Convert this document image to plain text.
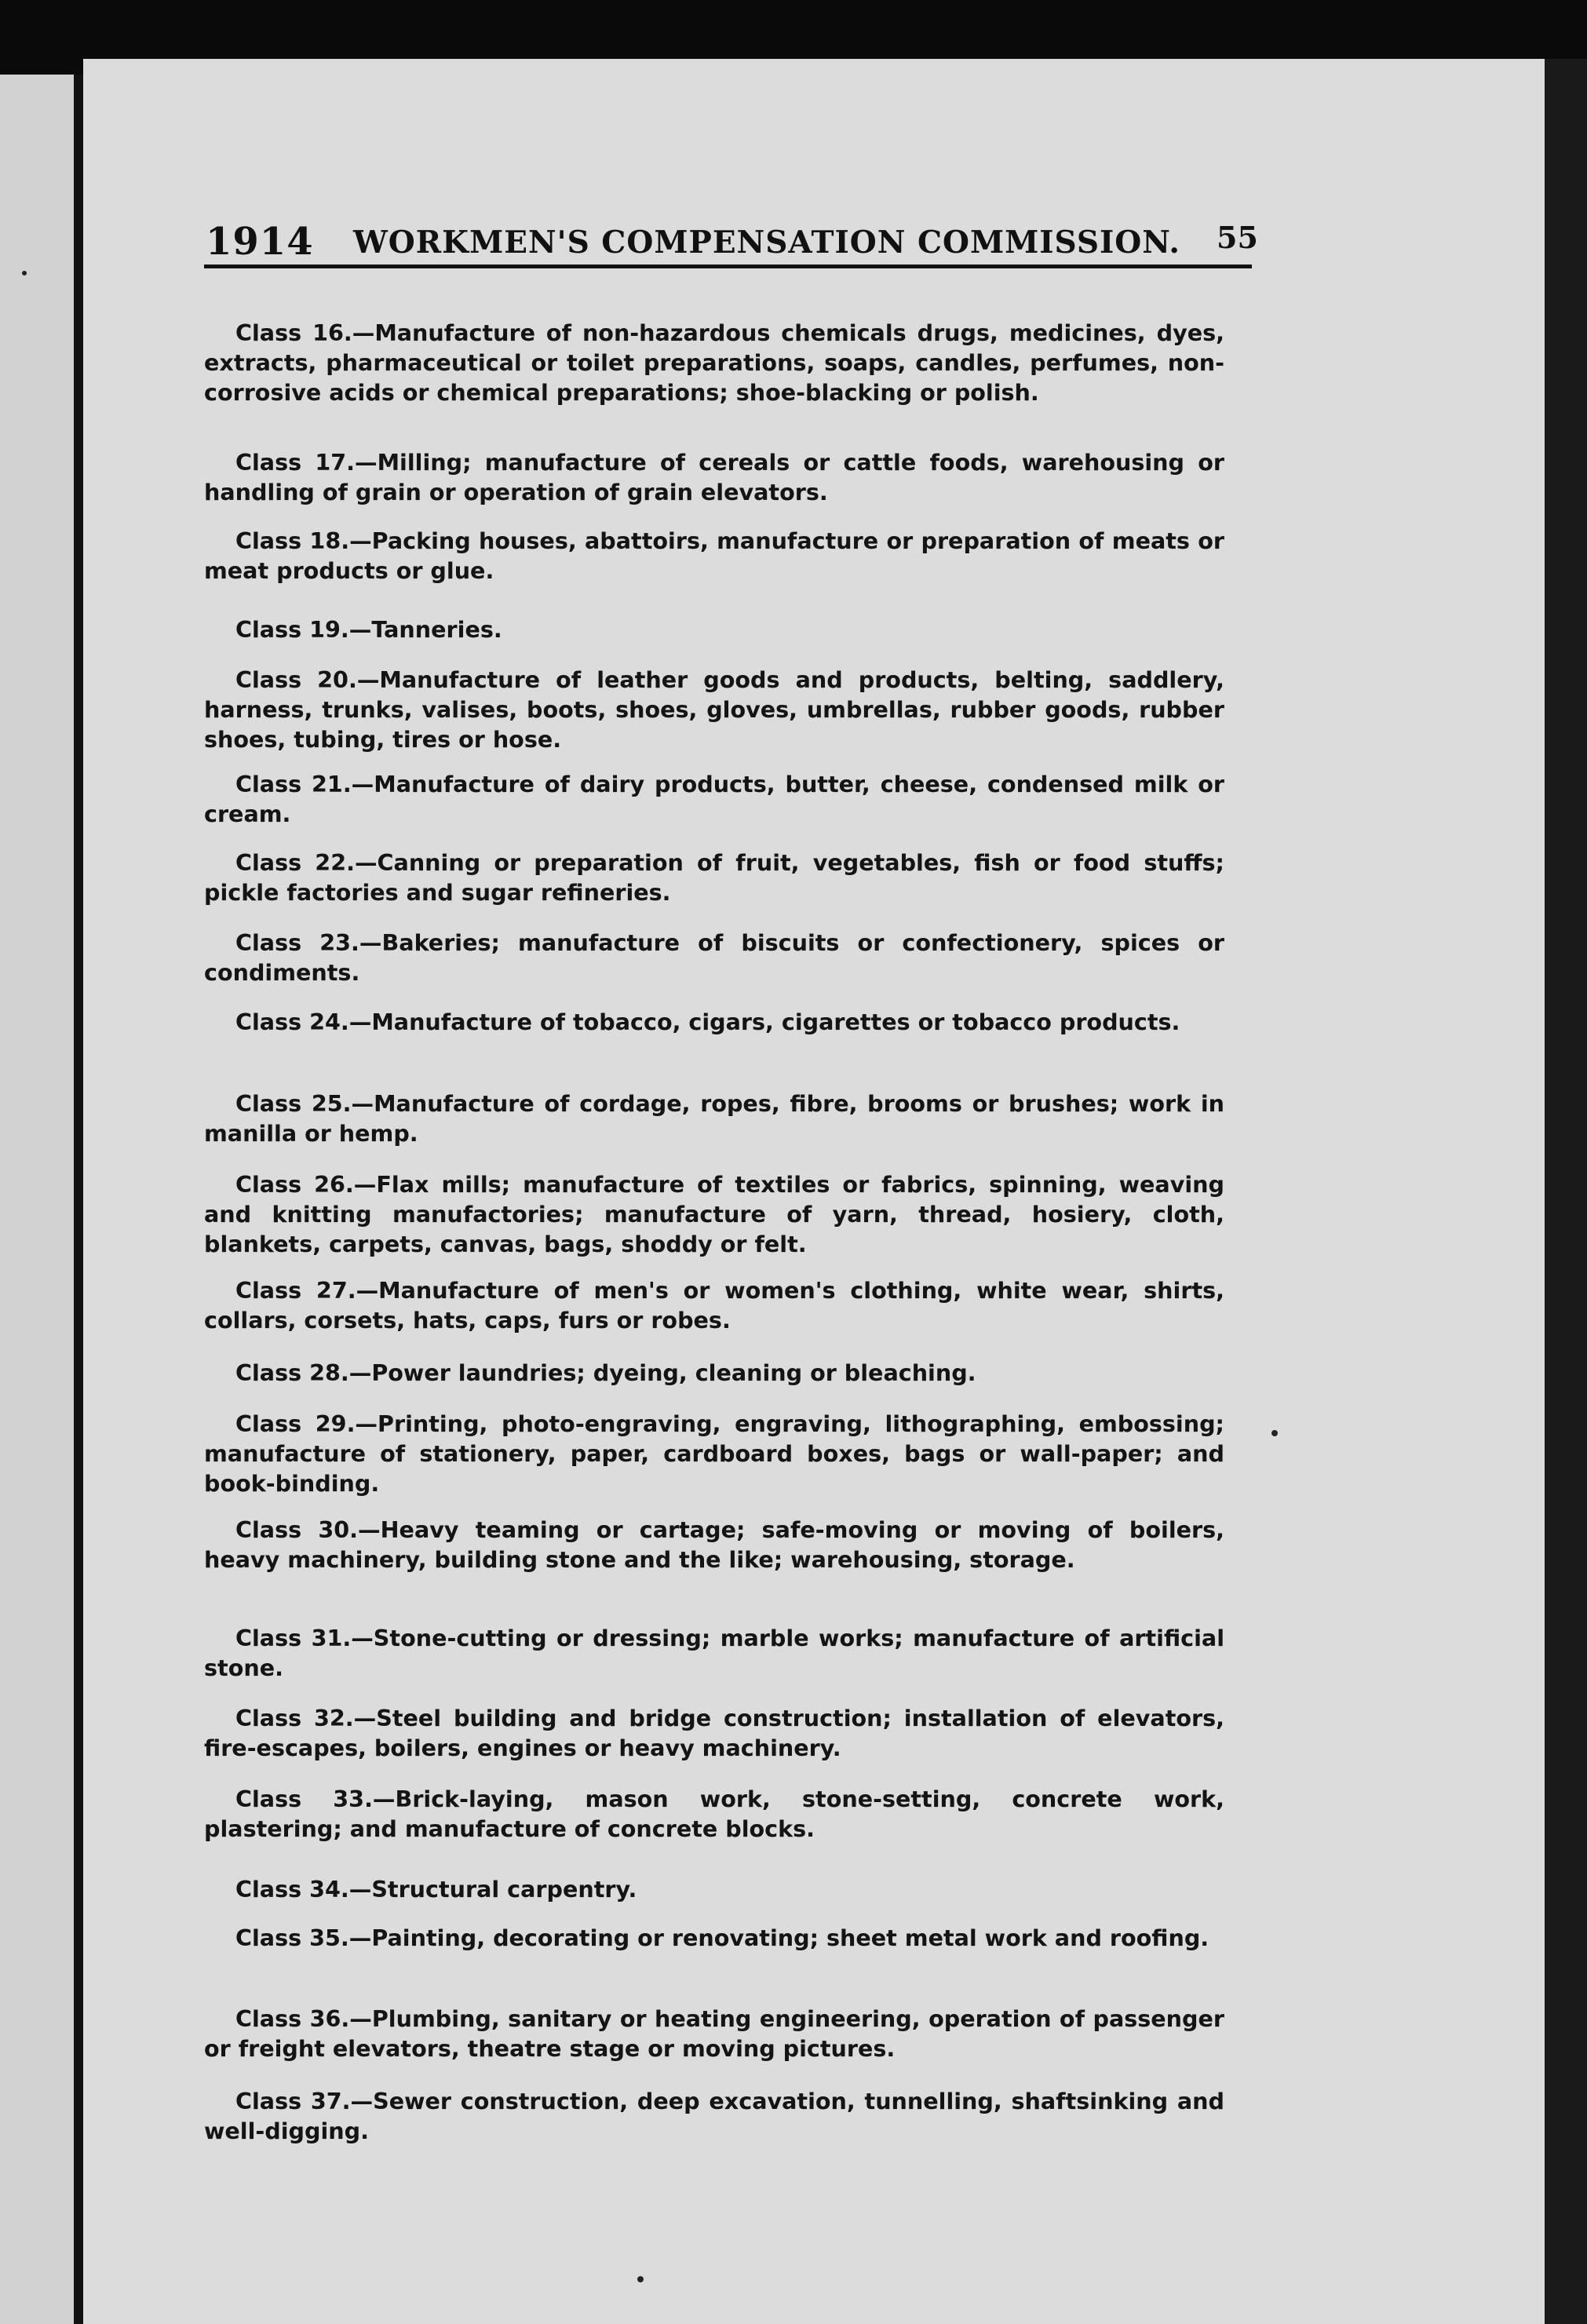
1914 WORKMEN'S COMPENSATION COMMISSION. 55

Class 16.—Manufacture of non-hazardous chemicals drugs, medicines, dyes, extracts, pharmaceutical or toilet preparations, soaps, candles, perfumes, non-corrosive acids or chemical preparations; shoe-blacking or polish.

Class 17.—Milling; manufacture of cereals or cattle foods, warehousing or handling of grain or operation of grain elevators.

Class 18.—Packing houses, abattoirs, manufacture or preparation of meats or meat products or glue.

Class 19.—Tanneries.

Class 20.—Manufacture of leather goods and products, belting, saddlery, harness, trunks, valises, boots, shoes, gloves, umbrellas, rubber goods, rubber shoes, tubing, tires or hose.

Class 21.—Manufacture of dairy products, butter, cheese, condensed milk or cream.

Class 22.—Canning or preparation of fruit, vegetables, fish or food stuffs; pickle factories and sugar refineries.

Class 23.—Bakeries; manufacture of biscuits or confectionery, spices or condiments.

Class 24.—Manufacture of tobacco, cigars, cigarettes or tobacco products.

Class 25.—Manufacture of cordage, ropes, fibre, brooms or brushes; work in manilla or hemp.

Class 26.—Flax mills; manufacture of textiles or fabrics, spinning, weaving and knitting manufactories; manufacture of yarn, thread, hosiery, cloth, blankets, carpets, canvas, bags, shoddy or felt.

Class 27.—Manufacture of men's or women's clothing, white wear, shirts, collars, corsets, hats, caps, furs or robes.

Class 28.—Power laundries; dyeing, cleaning or bleaching.

Class 29.—Printing, photo-engraving, engraving, lithographing, embossing; manufacture of stationery, paper, cardboard boxes, bags or wall-paper; and book-binding.

Class 30.—Heavy teaming or cartage; safe-moving or moving of boilers, heavy machinery, building stone and the like; warehousing, storage.

Class 31.—Stone-cutting or dressing; marble works; manufacture of artificial stone.

Class 32.—Steel building and bridge construction; installation of elevators, fire-escapes, boilers, engines or heavy machinery.

Class 33.—Brick-laying, mason work, stone-setting, concrete work, plastering; and manufacture of concrete blocks.

Class 34.—Structural carpentry.

Class 35.—Painting, decorating or renovating; sheet metal work and roofing.

Class 36.—Plumbing, sanitary or heating engineering, operation of passenger or freight elevators, theatre stage or moving pictures.

Class 37.—Sewer construction, deep excavation, tunnelling, shaftsinking and well-digging.
